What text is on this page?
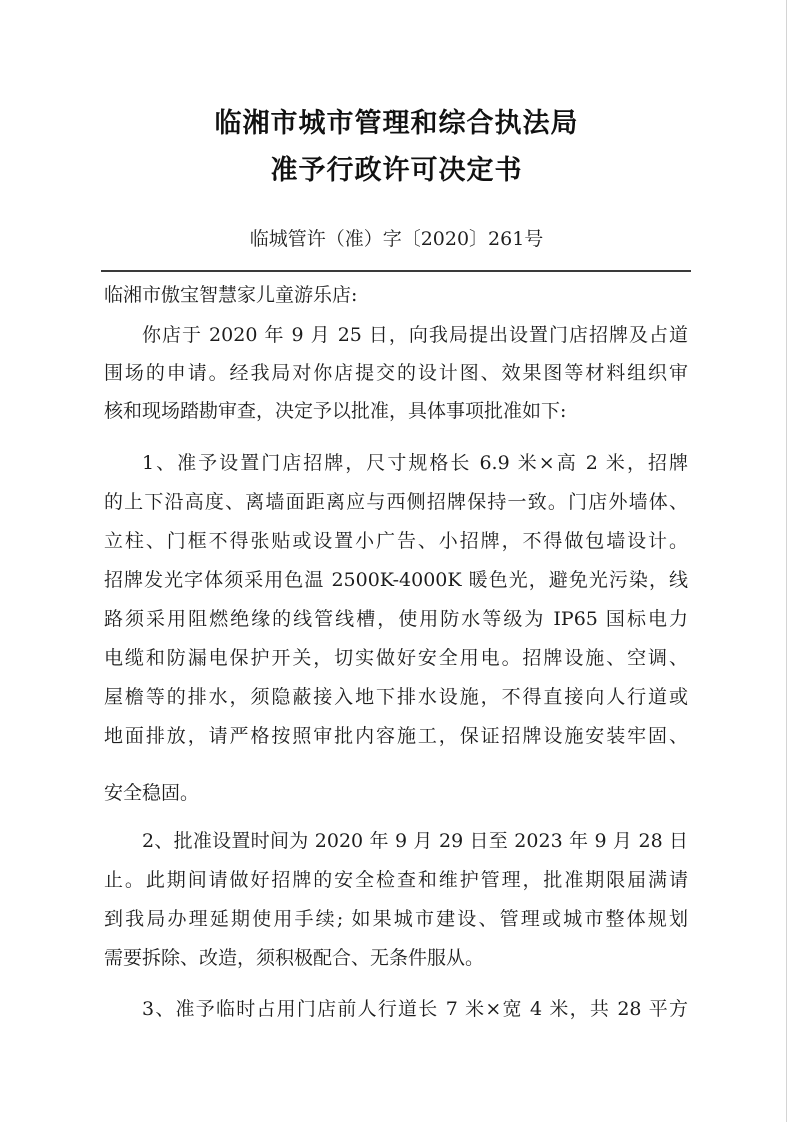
临湘市城市管理和综合执法局
准予行政许可决定书
临城管许（准）字〔2020〕261号
临湘市傲宝智慧家儿童游乐店:
你店于 2020 年 9 月 25 日，向我局提出设置门店招牌及占道
围场的申请。经我局对你店提交的设计图、效果图等材料组织审
核和现场踏勘审查，决定予以批准，具体事项批准如下:
1、准予设置门店招牌，尺寸规格长 6.9 米×高 2 米，招牌
的上下沿高度、离墙面距离应与西侧招牌保持一致。门店外墙体、
立柱、门框不得张贴或设置小广告、小招牌，不得做包墙设计。
招牌发光字体须采用色温 2500K-4000K 暖色光，避免光污染，线
路须采用阻燃绝缘的线管线槽，使用防水等级为 IP65 国标电力
电缆和防漏电保护开关，切实做好安全用电。招牌设施、空调、
屋檐等的排水，须隐蔽接入地下排水设施，不得直接向人行道或
地面排放，请严格按照审批内容施工，保证招牌设施安装牢固、
安全稳固。
2、批准设置时间为 2020 年 9 月 29 日至 2023 年 9 月 28 日
止。此期间请做好招牌的安全检查和维护管理，批准期限届满请
到我局办理延期使用手续; 如果城市建设、管理或城市整体规划
需要拆除、改造，须积极配合、无条件服从。
3、准予临时占用门店前人行道长 7 米×宽 4 米，共 28 平方
